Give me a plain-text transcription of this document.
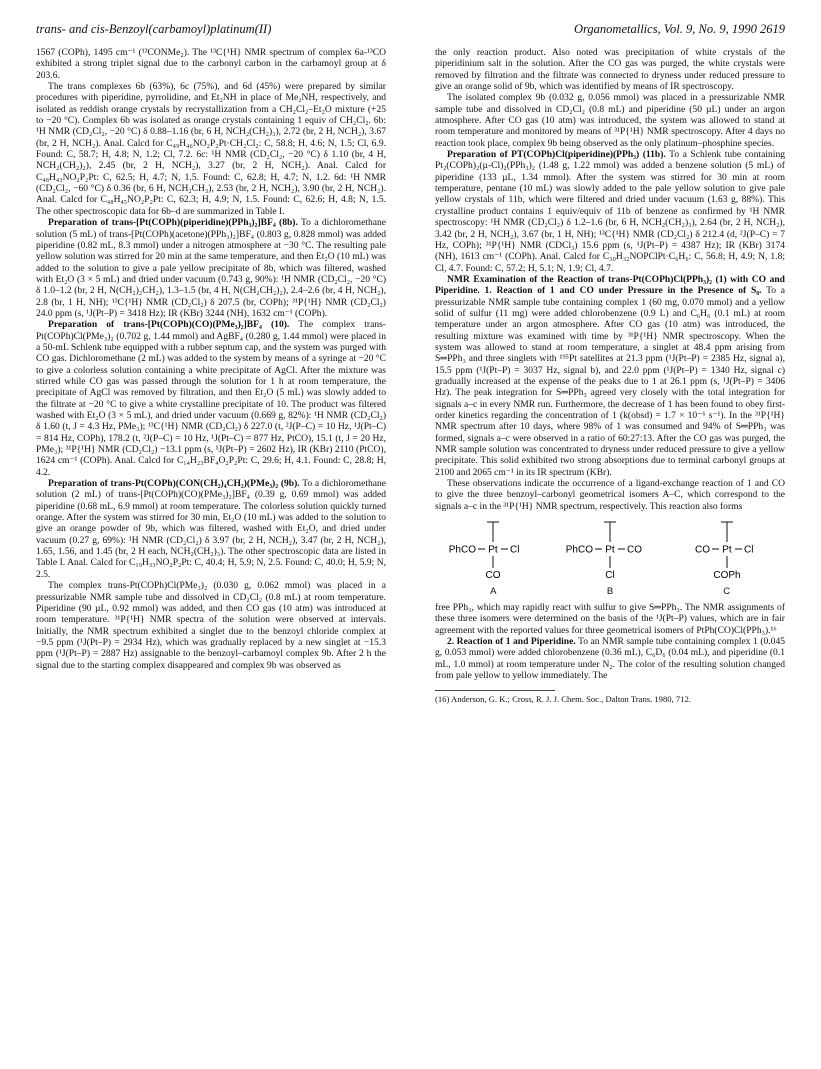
trans- and cis-Benzoyl(carbamoyl)platinum(II)	Organometallics, Vol. 9, No. 9, 1990 2619

1567 (COPh), 1495 cm⁻¹ (¹³CONMe₂). The ¹³C{¹H} NMR spectrum of complex 6a-¹³CO exhibited a strong triplet signal due to the carbonyl carbon in the carbamoyl group at δ 203.6.

The trans complexes 6b (63%), 6c (75%), and 6d (45%) were prepared by similar procedures with piperidine, pyrrolidine, and Et₂NH in place of Me₂NH, respectively, and isolated as reddish orange crystals by recrystallization from a CH₂Cl₂–Et₂O mixture (+25 to −20 °C). Complex 6b was isolated as orange crystals containing 1 equiv of CH₂Cl₂. 6b: ¹H NMR (CD₂Cl₂, −20 °C) δ 0.88–1.16 (br, 6 H, NCH₂(CH₂)₃), 2.72 (br, 2 H, NCH₂), 3.67 (br, 2 H, NCH₂). Anal. Calcd for C₄₉H₄₆NO₂P₂Pt·CH₂Cl₂: C, 58.8; H, 4.6; N, 1.5; Cl, 6.9. Found: C, 58.7; H, 4.8; N, 1.2; Cl, 7.2. 6c: ¹H NMR (CD₂Cl₂, −20 °C) δ 1.10 (br, 4 H, NCH₂(CH₂)₂), 2.45 (br, 2 H, NCH₂), 3.27 (br, 2 H, NCH₂). Anal. Calcd for C₄₈H₄₃NO₂P₂Pt: C, 62.5; H, 4.7; N, 1.5. Found: C, 62.8; H, 4.7; N, 1.2. 6d: ¹H NMR (CD₂Cl₂, −60 °C) δ 0.36 (br, 6 H, NCH₂CH₃), 2.53 (br, 2 H, NCH₂), 3.90 (br, 2 H, NCH₂). Anal. Calcd for C₄₈H₄₅NO₂P₂Pt: C, 62.3; H, 4.9; N, 1.5. Found: C, 62.6; H, 4.8; N, 1.5. The other spectroscopic data for 6b–d are summarized in Table I.

Preparation of trans-[Pt(COPh)(piperidine)(PPh₃)₂]BF₄ (8b). To a dichloromethane solution (5 mL) of trans-[Pt(COPh)(acetone)(PPh₃)₂]BF₄ (0.803 g, 0.828 mmol) was added piperidine (0.82 mL, 8.3 mmol) under a nitrogen atmosphere at −30 °C. The resulting pale yellow solution was stirred for 20 min at the same temperature, and then Et₂O (10 mL) was added to the solution to give a pale yellow precipitate of 8b, which was filtered, washed with Et₂O (3 × 5 mL) and dried under vacuum (0.743 g, 90%): ¹H NMR (CD₂Cl₂, −20 °C) δ 1.0–1.2 (br, 2 H, N(CH₂)₂CH₂), 1.3–1.5 (br, 4 H, N(CH₂CH₂)₂), 2.4–2.6 (br, 4 H, NCH₂), 2.8 (br, 1 H, NH); ¹³C{¹H} NMR (CD₂Cl₂) δ 207.5 (br, COPh); ³¹P{¹H} NMR (CD₂Cl₂) 24.0 ppm (s, ¹J(Pt–P) = 3418 Hz); IR (KBr) 3244 (NH), 1632 cm⁻¹ (COPh).

Preparation of trans-[Pt(COPh)(CO)(PMe₃)₂]BF₄ (10). The complex trans-Pt(COPh)Cl(PMe₃)₂ (0.702 g, 1.44 mmol) and AgBF₄ (0.280 g, 1.44 mmol) were placed in a 50-mL Schlenk tube equipped with a rubber septum cap, and the system was purged with CO gas. Dichloromethane (2 mL) was added to the system by means of a syringe at −20 °C to give a colorless solution containing a white precipitate of AgCl. After the mixture was stirred while CO gas was passed through the solution for 1 h at room temperature, the precipitate of AgCl was removed by filtration, and then Et₂O (5 mL) was slowly added to the filtrate at −20 °C to give a white crystalline precipitate of 10. The product was filtered washed with Et₂O (3 × 5 mL), and dried under vacuum (0.669 g, 82%): ¹H NMR (CD₂Cl₂) δ 1.60 (t, J = 4.3 Hz, PMe₃); ¹³C{¹H} NMR (CD₂Cl₂) δ 227.0 (t, ²J(P–C) = 10 Hz, ¹J(Pt–C) = 814 Hz, COPh), 178.2 (t, ²J(P–C) = 10 Hz, ¹J(Pt–C) = 877 Hz, PtCO), 15.1 (t, J = 20 Hz, PMe₃); ³¹P{¹H} NMR (CD₂Cl₂) −13.1 ppm (s, ¹J(Pt–P) = 2602 Hz), IR (KBr) 2110 (PtCO), 1624 cm⁻¹ (COPh). Anal. Calcd for C₁₄H₂₃BF₄O₂P₂Pt: C, 29.6; H, 4.1. Found: C, 28.8; H, 4.2.

Preparation of trans-Pt(COPh)(CON(CH₂)₄CH₂)(PMe₃)₂ (9b). To a dichloromethane solution (2 mL) of trans-[Pt(COPh)(CO)(PMe₃)₂]BF₄ (0.39 g, 0.69 mmol) was added piperidine (0.68 mL, 6.9 mmol) at room temperature. The colorless solution quickly turned orange. After the system was stirred for 30 min, Et₂O (10 mL) was added to the solution to give an orange powder of 9b, which was filtered, washed with Et₂O, and dried under vacuum (0.27 g, 69%): ¹H NMR (CD₂Cl₂) δ 3.97 (br, 2 H, NCH₂), 3.47 (br, 2 H, NCH₂), 1.65, 1.56, and 1.45 (br, 2 H each, NCH₂(CH₂)₃). The other spectroscopic data are listed in Table I. Anal. Calcd for C₁₉H₃₃NO₂P₂Pt: C, 40.4; H, 5.9; N, 2.5. Found: C, 40.0; H, 5.9; N, 2.5.

The complex trans-Pt(COPh)Cl(PMe₃)₂ (0.030 g, 0.062 mmol) was placed in a pressurizable NMR sample tube and dissolved in CD₂Cl₂ (0.8 mL) at room temperature. Piperidine (90 µL, 0.92 mmol) was added, and then CO gas (10 atm) was introduced at room temperature. ³¹P{¹H} NMR spectra of the solution were observed at intervals. Initially, the NMR spectrum exhibited a singlet due to the benzoyl chloride complex at −9.5 ppm (¹J(Pt–P) = 2934 Hz), which was gradually replaced by a new singlet at −15.3 ppm (¹J(Pt–P) = 2887 Hz) assignable to the benzoyl–carbamoyl complex 9b. After 2 h the signal due to the starting complex disappeared and complex 9b was observed as

the only reaction product. Also noted was precipitation of white crystals of the piperidinium salt in the solution. After the CO gas was purged, the white crystals were removed by filtration and the filtrate was connected to dryness under reduced pressure to give an orange solid of 9b, which was identified by means of IR spectroscopy.

The isolated complex 9b (0.032 g, 0.056 mmol) was placed in a pressurizable NMR sample tube and dissolved in CD₂Cl₂ (0.8 mL) and piperidine (50 µL) under an argon atmosphere. After CO gas (10 atm) was introduced, the system was allowed to stand at room temperature and monitored by means of ³¹P{¹H} NMR spectroscopy. After 4 days no reaction took place, complex 9b being observed as the only platinum–phosphine species.

Preparation of PT(COPh)Cl(piperidine)(PPh₃) (11b). To a Schlenk tube containing Pt₂(COPh)₂(µ-Cl)₂(PPh₃)₂ (1.48 g, 1.22 mmol) was added a benzene solution (5 mL) of piperidine (133 µL, 1.34 mmol). After the system was stirred for 30 min at room temperature, pentane (10 mL) was slowly added to the pale yellow solution to give pale yellow crystals of 11b, which were filtered and dried under vacuum (1.63 g, 88%). This crystalline product contains 1 equiv/equiv of 11b of benzene as confirmed by ¹H NMR spectroscopy: ¹H NMR (CD₂Cl₂) δ 1.2–1.6 (br, 6 H, NCH₂(CH₂)₃), 2.64 (br, 2 H, NCH₂), 3.42 (br, 2 H, NCH₂), 3.67 (br, 1 H, NH); ¹³C{¹H} NMR (CD₂Cl₂) δ 212.4 (d, ²J(P–C) = 7 Hz, COPh); ³¹P{¹H} NMR (CDCl₃) 15.6 ppm (s, ¹J(Pt–P) = 4387 Hz); IR (KBr) 3174 (NH), 1613 cm⁻¹ (COPh). Anal. Calcd for C₃₀H₃₂NOPClPt·C₆H₆: C, 56.8; H, 4.9; N, 1.8; Cl, 4.7. Found: C, 57.2; H, 5.1; N, 1.9; Cl, 4.7.

NMR Examination of the Reaction of trans-Pt(COPh)Cl(PPh₃)₂ (1) with CO and Piperidine. 1. Reaction of 1 and CO under Pressure in the Presence of S₈. To a pressurizable NMR sample tube containing complex 1 (60 mg, 0.070 mmol) and a yellow solid of sulfur (11 mg) were added chlorobenzene (0.9 L) and C₆H₆ (0.1 mL) at room temperature under an argon atmosphere. After CO gas (10 atm) was introduced, the resulting mixture was examined with time by ³¹P{¹H} NMR spectroscopy. When the system was allowed to stand at room temperature, a singlet at 48.4 ppm arising from S═PPh₃ and three singlets with ¹⁹⁵Pt satellites at 21.3 ppm (¹J(Pt–P) = 2385 Hz, signal a), 15.5 ppm (¹J(Pt–P) = 3037 Hz, signal b), and 22.0 ppm (¹J(Pt–P) = 1340 Hz, signal c) gradually increased at the expense of the peaks due to 1 at 26.1 ppm (s, ¹J(Pt–P) = 3406 Hz). The peak integration for S═PPh₃ agreed very closely with the total integration for signals a–c in every NMR run. Furthermore, the decrease of 1 has been found to obey first-order kinetics regarding the concentration of 1 (k(obsd) = 1.7 × 10⁻⁶ s⁻¹). In the ³¹P{¹H} NMR spectrum after 10 days, where 98% of 1 was consumed and 94% of S═PPh₃ was formed, signals a–c were observed in a ratio of 60:27:13. After the CO gas was purged, the NMR sample solution was concentrated to dryness under reduced pressure to give a yellow precipitate. This solid exhibited two strong absorptions due to terminal carbonyl groups at 2100 and 2065 cm⁻¹ in its IR spectrum (KBr).

These observations indicate the occurrence of a ligand-exchange reaction of 1 and CO to give the three benzoyl–carbonyl geometrical isomers A–C, which correspond to the signals a–c in the ³¹P{¹H} NMR spectrum, respectively. This reaction also forms

PhCO Pt Cl
CO
A
PhCO Pt CO
Cl
B
CO Pt Cl
COPh
C

free PPh₃, which may rapidly react with sulfur to give S═PPh₃. The NMR assignments of these three isomers were determined on the basis of the ¹J(Pt–P) values, which are in fair agreement with the reported values for three geometrical isomers of PtPh(CO)Cl(PPh₃).¹⁶

2. Reaction of 1 and Piperidine. To an NMR sample tube containing complex 1 (0.045 g, 0.053 mmol) were added chlorobenzene (0.36 mL), C₆D₆ (0.04 mL), and piperidine (0.1 mL, 1.0 mmol) at room temperature under N₂. The color of the resulting solution changed from pale yellow to yellow immediately. The

(16) Anderson, G. K.; Cross, R. J. J. Chem. Soc., Dalton Trans. 1980, 712.
